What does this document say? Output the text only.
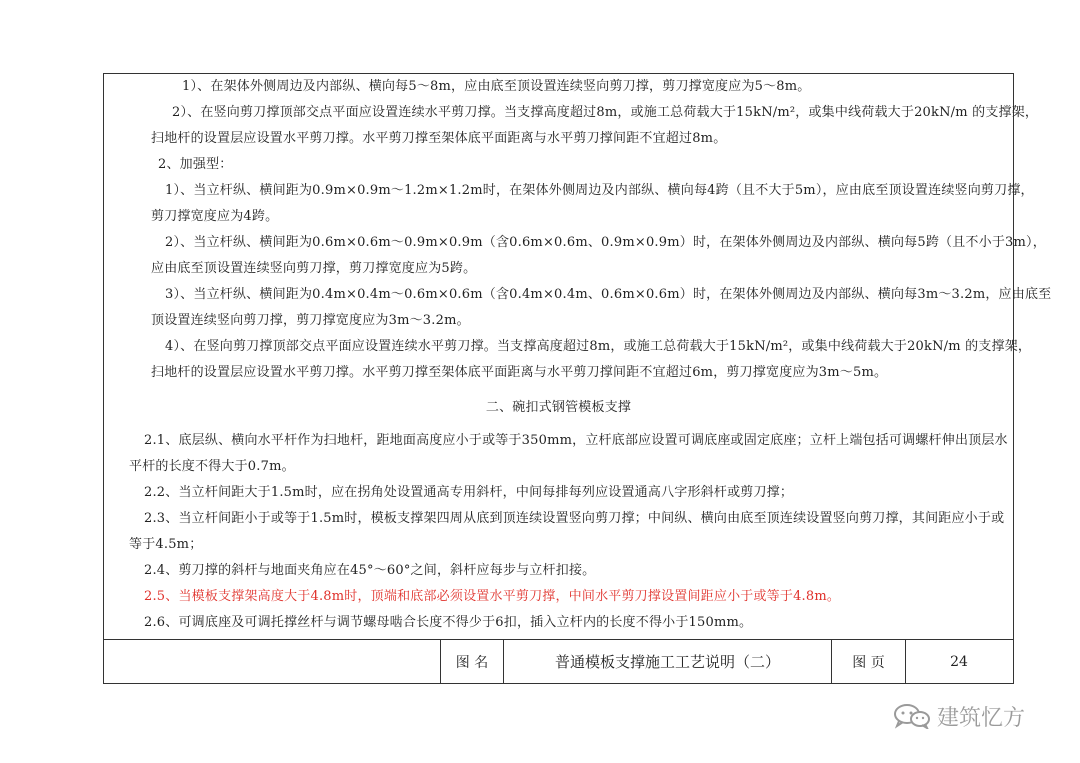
1）、在架体外侧周边及内部纵、横向每5～8m，应由底至顶设置连续竖向剪刀撑，剪刀撑宽度应为5～8m。
2）、在竖向剪刀撑顶部交点平面应设置连续水平剪刀撑。当支撑高度超过8m，或施工总荷载大于15kN/m²，或集中线荷载大于20kN/m 的支撑架，
扫地杆的设置层应设置水平剪刀撑。水平剪刀撑至架体底平面距离与水平剪刀撑间距不宜超过8m。
2、加强型：
1）、当立杆纵、横间距为0.9m×0.9m～1.2m×1.2m时，在架体外侧周边及内部纵、横向每4跨（且不大于5m），应由底至顶设置连续竖向剪刀撑，
剪刀撑宽度应为4跨。
2）、当立杆纵、横间距为0.6m×0.6m～0.9m×0.9m（含0.6m×0.6m、0.9m×0.9m）时，在架体外侧周边及内部纵、横向每5跨（且不小于3m），
应由底至顶设置连续竖向剪刀撑，剪刀撑宽度应为5跨。
3）、当立杆纵、横间距为0.4m×0.4m～0.6m×0.6m（含0.4m×0.4m、0.6m×0.6m）时，在架体外侧周边及内部纵、横向每3m～3.2m，应由底至
顶设置连续竖向剪刀撑，剪刀撑宽度应为3m～3.2m。
4）、在竖向剪刀撑顶部交点平面应设置连续水平剪刀撑。当支撑高度超过8m，或施工总荷载大于15kN/m²，或集中线荷载大于20kN/m 的支撑架，
扫地杆的设置层应设置水平剪刀撑。水平剪刀撑至架体底平面距离与水平剪刀撑间距不宜超过6m，剪刀撑宽度应为3m～5m。
二、碗扣式钢管模板支撑
2.1、底层纵、横向水平杆作为扫地杆，距地面高度应小于或等于350mm，立杆底部应设置可调底座或固定底座；立杆上端包括可调螺杆伸出顶层水
平杆的长度不得大于0.7m。
2.2、当立杆间距大于1.5m时，应在拐角处设置通高专用斜杆，中间每排每列应设置通高八字形斜杆或剪刀撑；
2.3、当立杆间距小于或等于1.5m时，模板支撑架四周从底到顶连续设置竖向剪刀撑；中间纵、横向由底至顶连续设置竖向剪刀撑，其间距应小于或
等于4.5m；
2.4、剪刀撑的斜杆与地面夹角应在45°～60°之间，斜杆应每步与立杆扣接。
2.5、当模板支撑架高度大于4.8m时，顶端和底部必须设置水平剪刀撑，中间水平剪刀撑设置间距应小于或等于4.8m。
2.6、可调底座及可调托撑丝杆与调节螺母啮合长度不得少于6扣，插入立杆内的长度不得小于150mm。
图 名	普通模板支撑施工工艺说明（二）	图 页	24
建筑忆方
